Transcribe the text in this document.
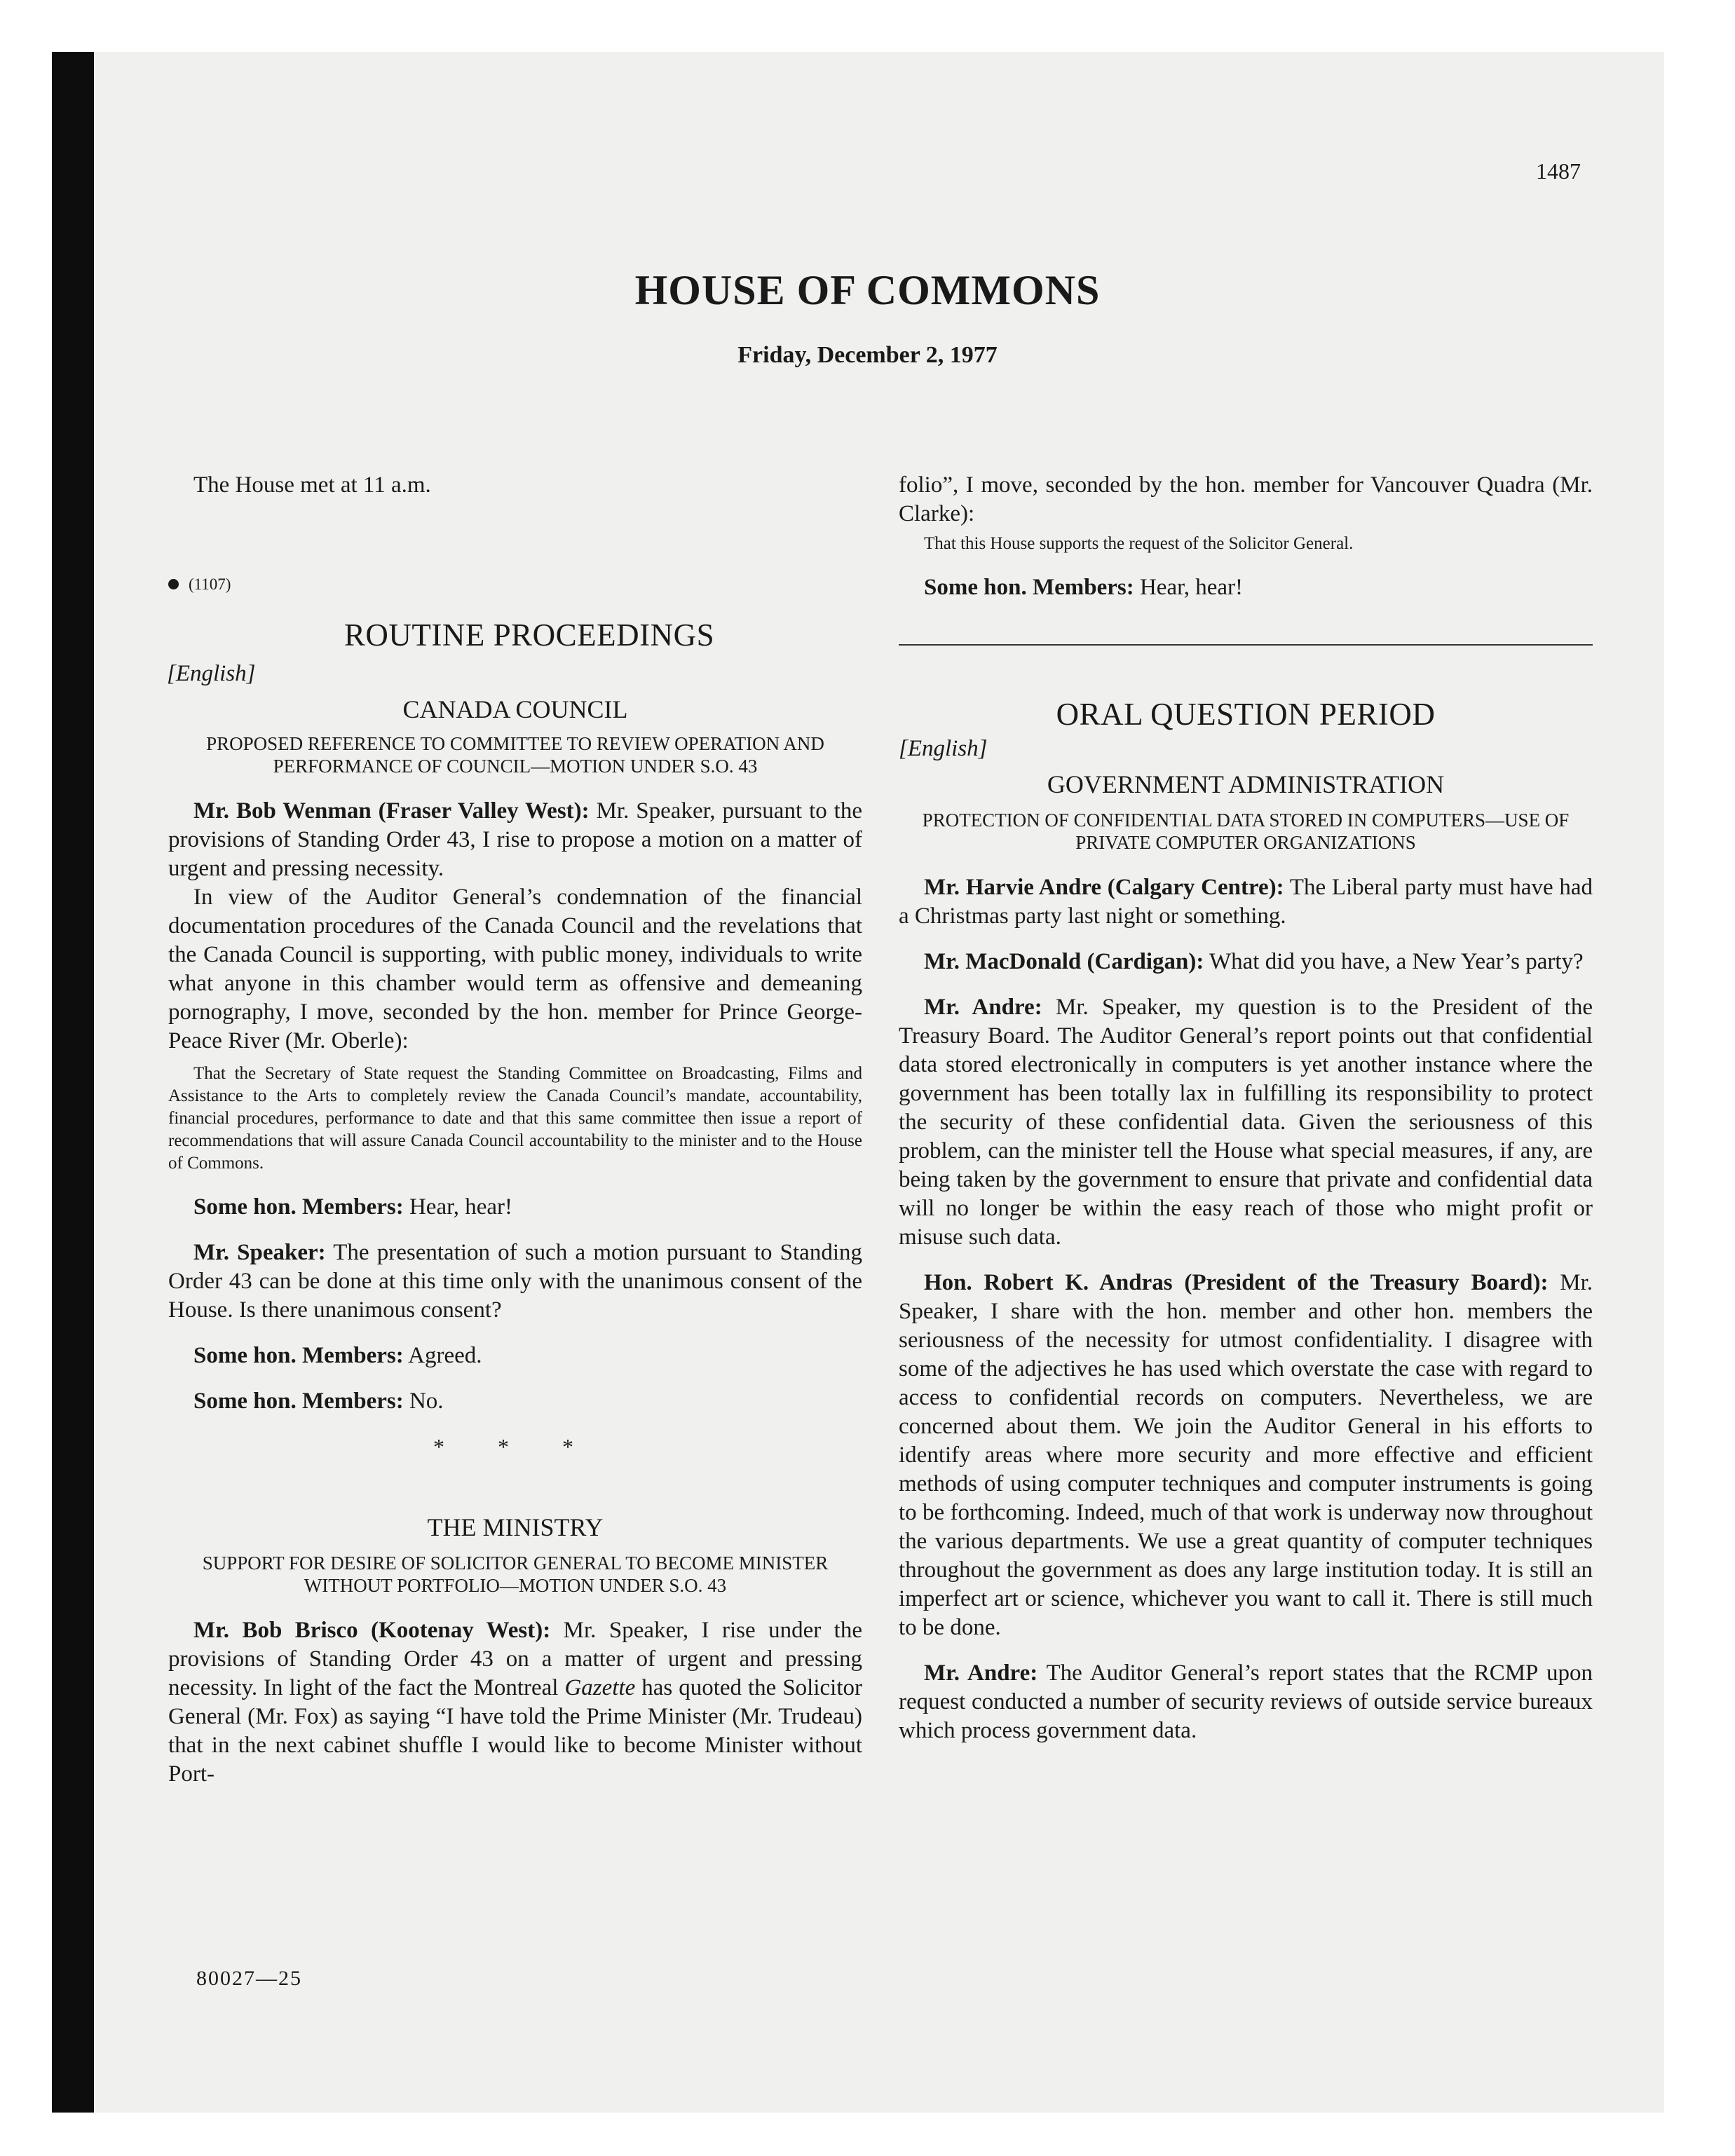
1487
HOUSE OF COMMONS
Friday, December 2, 1977

The House met at 11 a.m.

(1107)
ROUTINE PROCEEDINGS
[English]
CANADA COUNCIL
PROPOSED REFERENCE TO COMMITTEE TO REVIEW OPERATION AND PERFORMANCE OF COUNCIL—MOTION UNDER S.O. 43

Mr. Bob Wenman (Fraser Valley West): Mr. Speaker, pursuant to the provisions of Standing Order 43, I rise to propose a motion on a matter of urgent and pressing necessity.

In view of the Auditor General’s condemnation of the financial documentation procedures of the Canada Council and the revelations that the Canada Council is supporting, with public money, individuals to write what anyone in this chamber would term as offensive and demeaning pornography, I move, seconded by the hon. member for Prince George-Peace River (Mr. Oberle):

That the Secretary of State request the Standing Committee on Broadcasting, Films and Assistance to the Arts to completely review the Canada Council’s mandate, accountability, financial procedures, performance to date and that this same committee then issue a report of recommendations that will assure Canada Council accountability to the minister and to the House of Commons.

Some hon. Members: Hear, hear!

Mr. Speaker: The presentation of such a motion pursuant to Standing Order 43 can be done at this time only with the unanimous consent of the House. Is there unanimous consent?

Some hon. Members: Agreed.

Some hon. Members: No.

* * *
THE MINISTRY
SUPPORT FOR DESIRE OF SOLICITOR GENERAL TO BECOME MINISTER WITHOUT PORTFOLIO—MOTION UNDER S.O. 43

Mr. Bob Brisco (Kootenay West): Mr. Speaker, I rise under the provisions of Standing Order 43 on a matter of urgent and pressing necessity. In light of the fact the Montreal Gazette has quoted the Solicitor General (Mr. Fox) as saying “I have told the Prime Minister (Mr. Trudeau) that in the next cabinet shuffle I would like to become Minister without Port-

folio”, I move, seconded by the hon. member for Vancouver Quadra (Mr. Clarke):

That this House supports the request of the Solicitor General.

Some hon. Members: Hear, hear!

ORAL QUESTION PERIOD
[English]
GOVERNMENT ADMINISTRATION
PROTECTION OF CONFIDENTIAL DATA STORED IN COMPUTERS—USE OF PRIVATE COMPUTER ORGANIZATIONS

Mr. Harvie Andre (Calgary Centre): The Liberal party must have had a Christmas party last night or something.

Mr. MacDonald (Cardigan): What did you have, a New Year’s party?

Mr. Andre: Mr. Speaker, my question is to the President of the Treasury Board. The Auditor General’s report points out that confidential data stored electronically in computers is yet another instance where the government has been totally lax in fulfilling its responsibility to protect the security of these confidential data. Given the seriousness of this problem, can the minister tell the House what special measures, if any, are being taken by the government to ensure that private and confidential data will no longer be within the easy reach of those who might profit or misuse such data.

Hon. Robert K. Andras (President of the Treasury Board): Mr. Speaker, I share with the hon. member and other hon. members the seriousness of the necessity for utmost confidentiality. I disagree with some of the adjectives he has used which overstate the case with regard to access to confidential records on computers. Nevertheless, we are concerned about them. We join the Auditor General in his efforts to identify areas where more security and more effective and efficient methods of using computer techniques and computer instruments is going to be forthcoming. Indeed, much of that work is underway now throughout the various departments. We use a great quantity of computer techniques throughout the government as does any large institution today. It is still an imperfect art or science, whichever you want to call it. There is still much to be done.

Mr. Andre: The Auditor General’s report states that the RCMP upon request conducted a number of security reviews of outside service bureaux which process government data.

80027—25
